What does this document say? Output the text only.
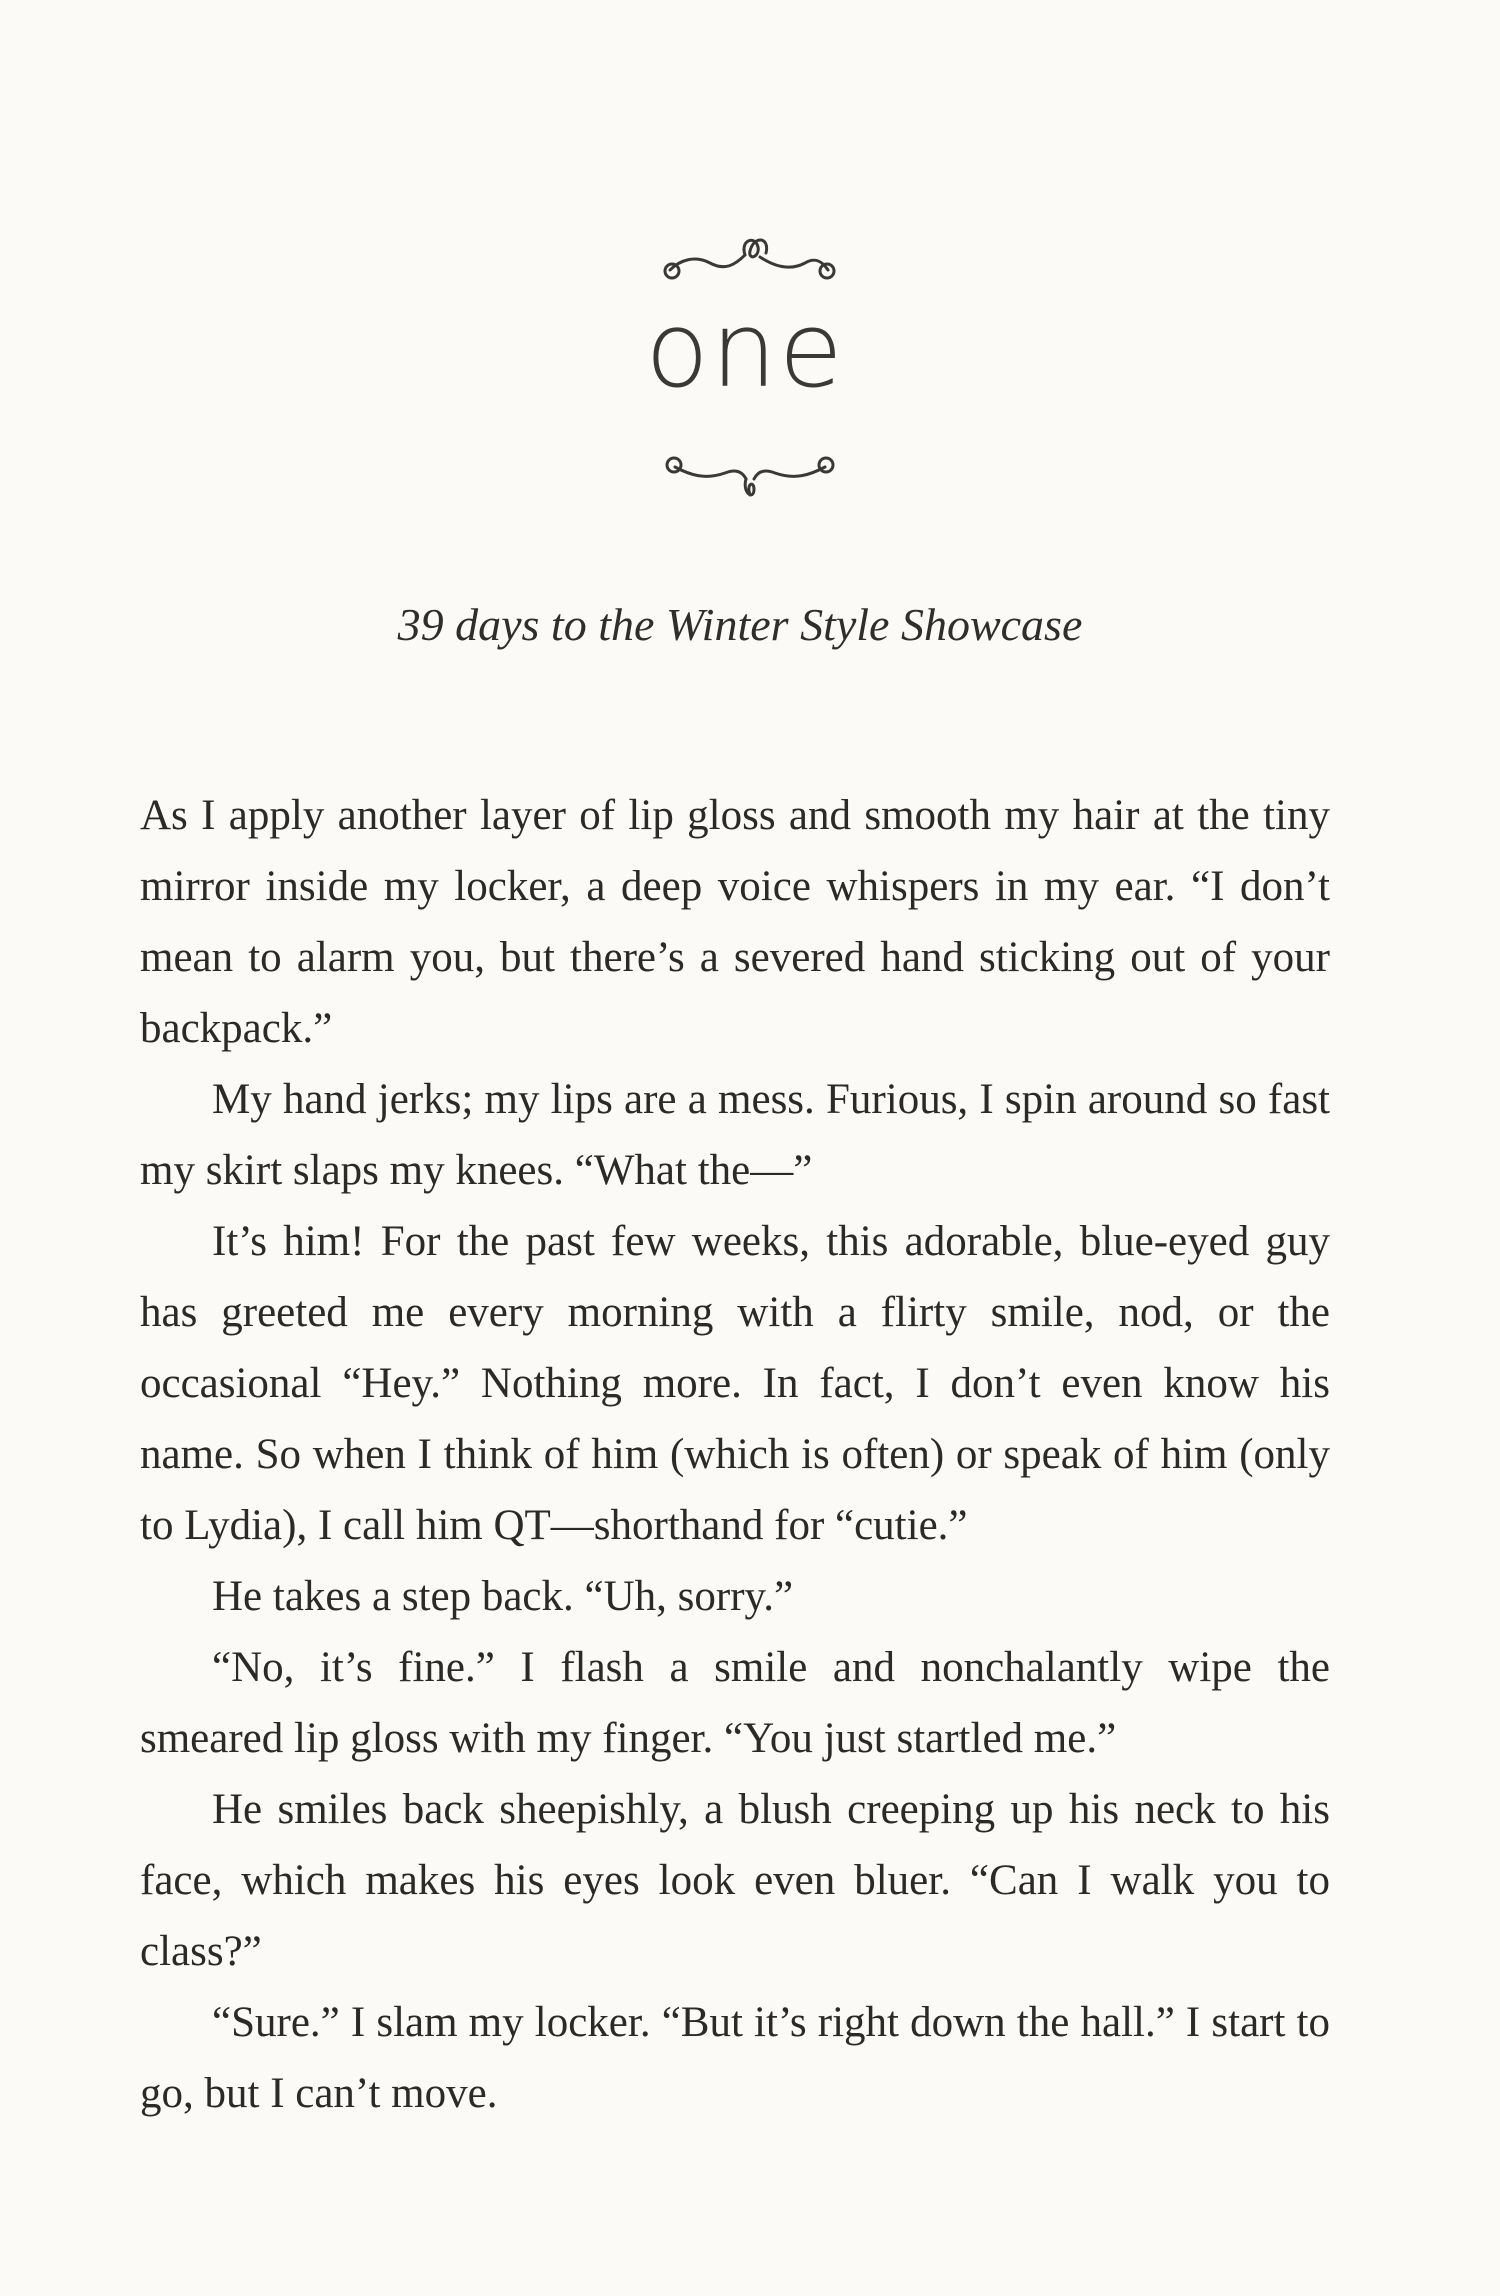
one
39 days to the Winter Style Showcase

As I apply another layer of lip gloss and smooth my hair at the tiny mirror inside my locker, a deep voice whispers in my ear. “I don’t mean to alarm you, but there’s a severed hand sticking out of your backpack.”

My hand jerks; my lips are a mess. Furious, I spin around so fast my skirt slaps my knees. “What the—”

It’s him! For the past few weeks, this adorable, blue-eyed guy has greeted me every morning with a flirty smile, nod, or the occasional “Hey.” Nothing more. In fact, I don’t even know his name. So when I think of him (which is often) or speak of him (only to Lydia), I call him QT—shorthand for “cutie.”

He takes a step back. “Uh, sorry.”

“No, it’s fine.” I flash a smile and nonchalantly wipe the smeared lip gloss with my finger. “You just startled me.”

He smiles back sheepishly, a blush creeping up his neck to his face, which makes his eyes look even bluer. “Can I walk you to class?”

“Sure.” I slam my locker. “But it’s right down the hall.” I start to go, but I can’t move.
